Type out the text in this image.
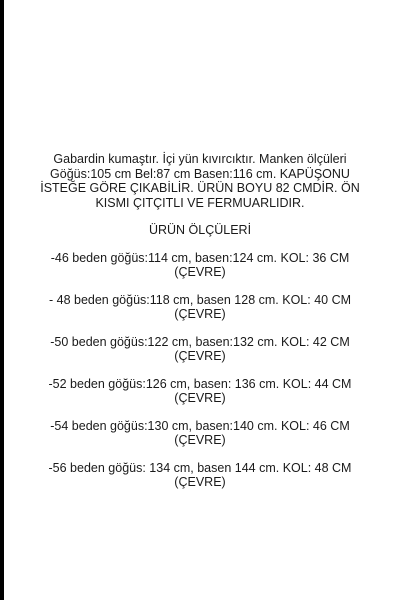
Gabardin kumaştır. İçi yün kıvırcıktır. Manken ölçüleri
Göğüs:105 cm Bel:87 cm Basen:116 cm. KAPÜŞONU
İSTEĞE GÖRE ÇIKABİLİR. ÜRÜN BOYU 82 CMDİR. ÖN
KISMI ÇITÇITLI VE FERMUARLIDIR.

ÜRÜN ÖLÇÜLERİ

-46 beden göğüs:114 cm, basen:124 cm. KOL: 36 CM
(ÇEVRE)
- 48 beden göğüs:118 cm, basen 128 cm. KOL: 40 CM
(ÇEVRE)
-50 beden göğüs:122 cm, basen:132 cm. KOL: 42 CM
(ÇEVRE)
-52 beden göğüs:126 cm, basen: 136 cm. KOL: 44 CM
(ÇEVRE)
-54 beden göğüs:130 cm, basen:140 cm. KOL: 46 CM
(ÇEVRE)
-56 beden göğüs: 134 cm, basen 144 cm. KOL: 48 CM
(ÇEVRE)
